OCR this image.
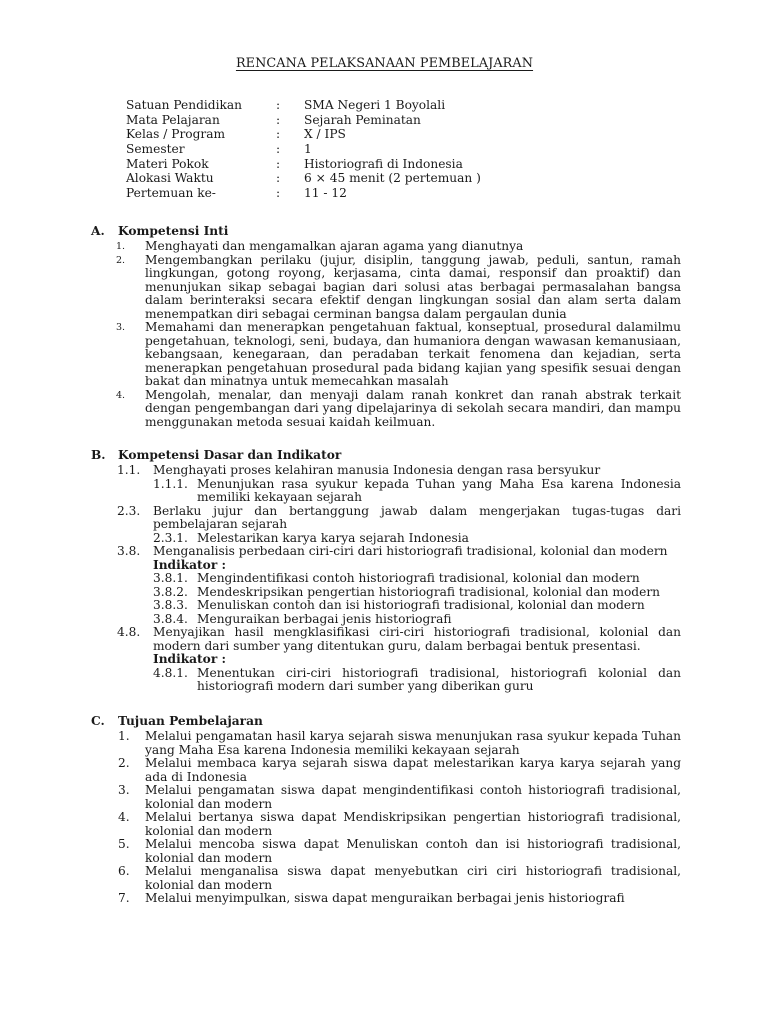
RENCANA PELAKSANAAN PEMBELAJARAN
Satuan Pendidikan	:	SMA Negeri 1 Boyolali
Mata Pelajaran	:	Sejarah Peminatan
Kelas / Program	:	X / IPS
Semester	:	1
Materi Pokok	:	Historiografi di Indonesia
Alokasi Waktu	:	6 × 45 menit (2 pertemuan )
Pertemuan ke-	:	11 - 12
A.	Kompetensi Inti
1.	Menghayati dan mengamalkan ajaran agama yang dianutnya
2.	Mengembangkan perilaku (jujur, disiplin, tanggung jawab, peduli, santun, ramah lingkungan, gotong royong, kerjasama, cinta damai, responsif dan proaktif) dan menunjukan sikap sebagai bagian dari solusi atas berbagai permasalahan bangsa dalam berinteraksi secara efektif dengan lingkungan sosial dan alam serta dalam menempatkan diri sebagai cerminan bangsa dalam pergaulan dunia
3.	Memahami dan menerapkan pengetahuan faktual, konseptual, prosedural dalamilmu pengetahuan, teknologi, seni, budaya, dan humaniora dengan wawasan kemanusiaan, kebangsaan, kenegaraan, dan peradaban terkait fenomena dan kejadian, serta menerapkan pengetahuan prosedural pada bidang kajian yang spesifik sesuai dengan bakat dan minatnya untuk memecahkan masalah
4.	Mengolah, menalar, dan menyaji dalam ranah konkret dan ranah abstrak terkait dengan pengembangan dari yang dipelajarinya di sekolah secara mandiri, dan mampu menggunakan metoda sesuai kaidah keilmuan.
B.	Kompetensi Dasar dan Indikator
1.1.	Menghayati proses kelahiran manusia Indonesia dengan rasa bersyukur
1.1.1. Menunjukan rasa syukur kepada Tuhan yang Maha Esa karena Indonesia memiliki kekayaan sejarah
2.3.	Berlaku jujur dan bertanggung jawab dalam mengerjakan tugas-tugas dari pembelajaran sejarah
2.3.1. Melestarikan karya karya sejarah Indonesia
3.8.	Menganalisis perbedaan ciri-ciri dari historiografi tradisional, kolonial dan modern
Indikator :
3.8.1. Mengindentifikasi contoh historiografi tradisional, kolonial dan modern
3.8.2. Mendeskripsikan pengertian historiografi tradisional, kolonial dan modern
3.8.3. Menuliskan contoh dan isi historiografi tradisional, kolonial dan modern
3.8.4. Menguraikan berbagai jenis historiografi
4.8.	Menyajikan hasil mengklasifikasi ciri-ciri historiografi tradisional, kolonial dan modern dari sumber yang ditentukan guru, dalam berbagai bentuk presentasi.
Indikator :
4.8.1. Menentukan ciri-ciri historiografi tradisional, historiografi kolonial dan historiografi modern dari sumber yang diberikan guru
C.	Tujuan Pembelajaran
1.	Melalui pengamatan hasil karya sejarah siswa menunjukan rasa syukur kepada Tuhan yang Maha Esa karena Indonesia memiliki kekayaan sejarah
2.	Melalui membaca karya sejarah siswa dapat melestarikan karya karya sejarah yang ada di Indonesia
3.	Melalui pengamatan siswa dapat mengindentifikasi contoh historiografi tradisional, kolonial dan modern
4.	Melalui bertanya siswa dapat Mendiskripsikan pengertian historiografi tradisional, kolonial dan modern
5.	Melalui mencoba siswa dapat Menuliskan contoh dan isi historiografi tradisional, kolonial dan modern
6.	Melalui menganalisa siswa dapat menyebutkan ciri ciri historiografi tradisional, kolonial dan modern
7.	Melalui menyimpulkan, siswa dapat menguraikan berbagai jenis historiografi
